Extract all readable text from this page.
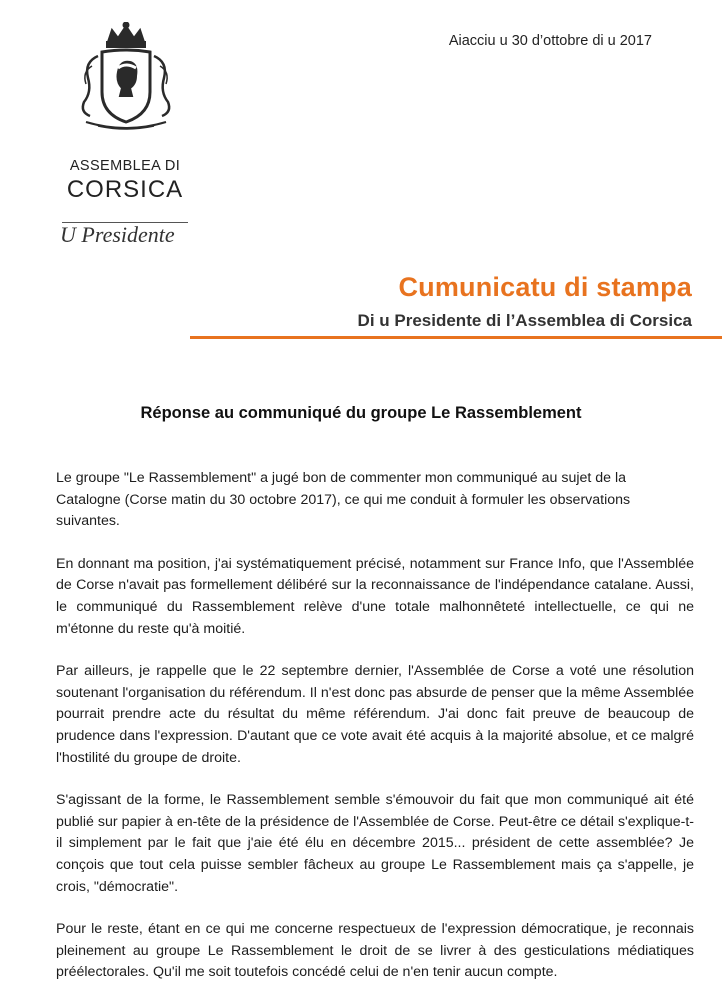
ASSEMBLEA DI
CORSICA
U Presidente
Aiacciu u 30 d’ottobre di u 2017
Cumunicatu di stampa
Di u Presidente di l’Assemblea di Corsica
Réponse au communiqué du groupe Le Rassemblement

Le groupe "Le Rassemblement" a jugé bon de commenter mon communiqué au sujet de la Catalogne (Corse matin du 30 octobre 2017), ce qui me conduit à formuler les observations suivantes.

En donnant ma position, j'ai systématiquement précisé, notamment sur France Info, que l'Assemblée de Corse n'avait pas formellement délibéré sur la reconnaissance de l'indépendance catalane. Aussi, le communiqué du Rassemblement relève d'une totale malhonnêteté intellectuelle, ce qui ne m'étonne du reste qu'à moitié.

Par ailleurs, je rappelle que le 22 septembre dernier, l'Assemblée de Corse a voté une résolution soutenant l'organisation du référendum. Il n'est donc pas absurde de penser que la même Assemblée pourrait prendre acte du résultat du même référendum. J'ai donc fait preuve de beaucoup de prudence dans l'expression. D'autant que ce vote avait été acquis à la majorité absolue, et ce malgré l'hostilité du groupe de droite.

S'agissant de la forme, le Rassemblement semble s'émouvoir du fait que mon communiqué ait été publié sur papier à en-tête de la présidence de l'Assemblée de Corse. Peut-être ce détail s'explique-t-il simplement par le fait que j'aie été élu en décembre 2015... président de cette assemblée? Je conçois que tout cela puisse sembler fâcheux au groupe Le Rassemblement mais ça s'appelle, je crois, "démocratie".

Pour le reste, étant en ce qui me concerne respectueux de l'expression démocratique, je reconnais pleinement au groupe Le Rassemblement le droit de se livrer à des gesticulations médiatiques préélectorales. Qu'il me soit toutefois concédé celui de n'en tenir aucun compte.
